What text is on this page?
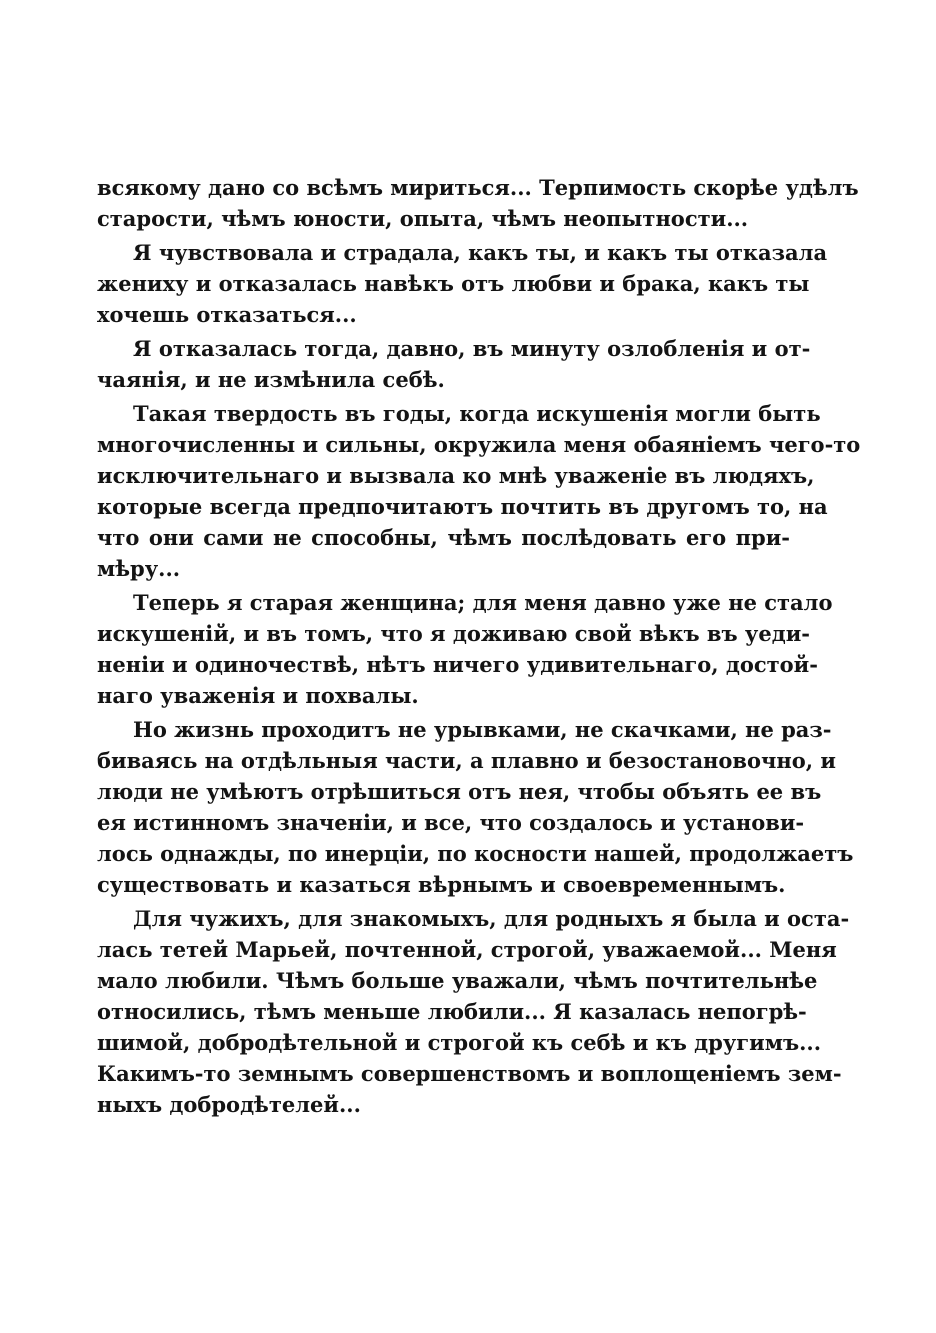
всякому дано со всѣмъ мириться... Терпимость скорѣе удѣлъ
старости, чѣмъ юности, опыта, чѣмъ неопытности...
Я чувствовала и страдала, какъ ты, и какъ ты отказала
жениху и отказалась навѣкъ отъ любви и брака, какъ ты
хочешь отказаться...
Я отказалась тогда, давно, въ минуту озлобленія и от-
чаянія, и не измѣнила себѣ.
Такая твердость въ годы, когда искушенія могли быть
многочисленны и сильны, окружила меня обаяніемъ чего-то
исключительнаго и вызвала ко мнѣ уваженіе въ людяхъ,
которые всегда предпочитаютъ почтить въ другомъ то, на
что они сами не способны, чѣмъ послѣдовать его при-
мѣру...
Теперь я старая женщина; для меня давно уже не стало
искушеній, и въ томъ, что я доживаю свой вѣкъ въ уеди-
неніи и одиночествѣ, нѣтъ ничего удивительнаго, достой-
наго уваженія и похвалы.
Но жизнь проходитъ не урывками, не скачками, не раз-
биваясь на отдѣльныя части, а плавно и безостановочно, и
люди не умѣютъ отрѣшиться отъ нея, чтобы объять ее въ
ея истинномъ значеніи, и все, что создалось и установи-
лось однажды, по инерціи, по косности нашей, продолжаетъ
существовать и казаться вѣрнымъ и своевременнымъ.
Для чужихъ, для знакомыхъ, для родныхъ я была и оста-
лась тетей Марьей, почтенной, строгой, уважаемой... Меня
мало любили. Чѣмъ больше уважали, чѣмъ почтительнѣе
относились, тѣмъ меньше любили... Я казалась непогрѣ-
шимой, добродѣтельной и строгой къ себѣ и къ другимъ...
Какимъ-то земнымъ совершенствомъ и воплощеніемъ зем-
ныхъ добродѣтелей...
